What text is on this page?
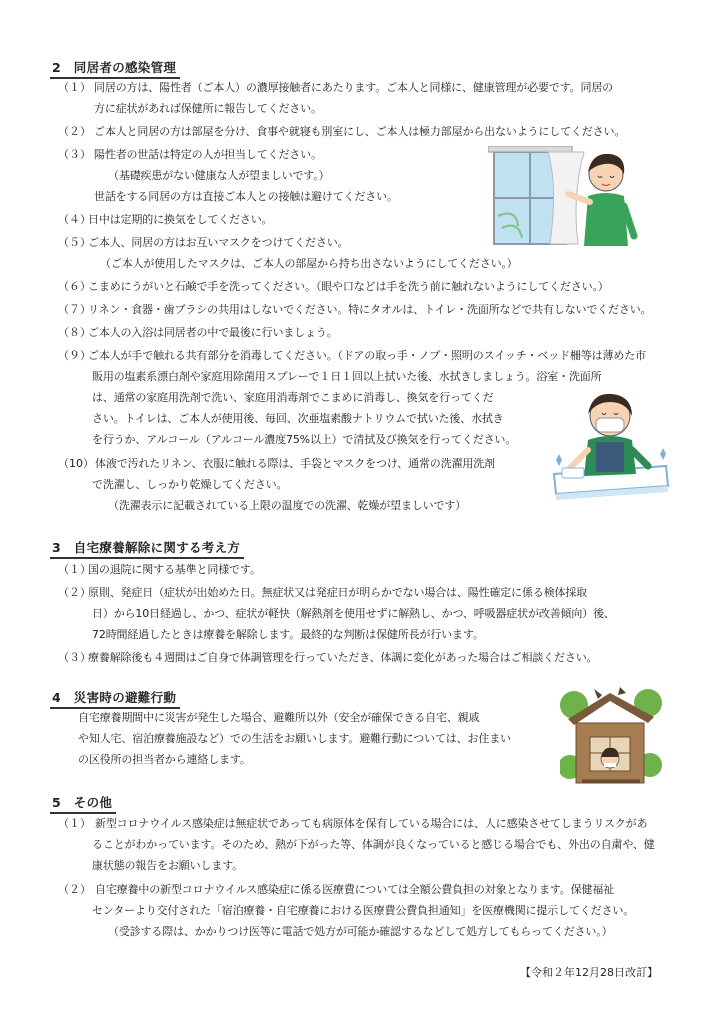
2　同居者の感染管理
（１） 同居の方は、陽性者（ご本人）の濃厚接触者にあたります。ご本人と同様に、健康管理が必要です。同居の
方に症状があれば保健所に報告してください。
（２） ご本人と同居の方は部屋を分け、食事や就寝も別室にし、ご本人は極力部屋から出ないようにしてください。
（３） 陽性者の世話は特定の人が担当してください。
（基礎疾患がない健康な人が望ましいです。）
世話をする同居の方は直接ご本人との接触は避けてください。
（４）
日中は定期的に換気をしてください。
（５）
ご本人、同居の方はお互いマスクをつけてください。
（ご本人が使用したマスクは、ご本人の部屋から持ち出さないようにしてください。）
（６）
こまめにうがいと石鹸で手を洗ってください。（眼や口などは手を洗う前に触れないようにしてください。）
（７）
リネン・食器・歯ブラシの共用はしないでください。特にタオルは、トイレ・洗面所などで共有しないでください。
（８）
ご本人の入浴は同居者の中で最後に行いましょう。
（９）
ご本人が手で触れる共有部分を消毒してください。（ドアの取っ手・ノブ・照明のスイッチ・ベッド柵等は薄めた市
販用の塩素系漂白剤や家庭用除菌用スプレーで１日１回以上拭いた後、水拭きしましょう。浴室・洗面所
は、通常の家庭用洗剤で洗い、家庭用消毒剤でこまめに消毒し、換気を行ってくだ
さい。トイレは、ご本人が使用後、毎回、次亜塩素酸ナトリウムで拭いた後、水拭き
を行うか、アルコール（アルコール濃度75%以上）で清拭及び換気を行ってください。
（10） 体液で汚れたリネン、衣服に触れる際は、手袋とマスクをつけ、通常の洗濯用洗剤
で洗濯し、しっかり乾燥してください。
（洗濯表示に記載されている上限の温度での洗濯、乾燥が望ましいです）
3　自宅療養解除に関する考え方
（１）
国の退院に関する基準と同様です。
（２）
原則、発症日（症状が出始めた日。無症状又は発症日が明らかでない場合は、陽性確定に係る検体採取
日）から10日経過し、かつ、症状が軽快（解熱剤を使用せずに解熱し、かつ、呼吸器症状が改善傾向）後、
72時間経過したときは療養を解除します。最終的な判断は保健所長が行います。
（３）
療養解除後も４週間はご自身で体調管理を行っていただき、体調に変化があった場合はご相談ください。
4　災害時の避難行動
自宅療養期間中に災害が発生した場合、避難所以外（安全が確保できる自宅、親戚
や知人宅、宿泊療養施設など）での生活をお願いします。避難行動については、お住まい
の区役所の担当者から連絡します。
5　その他
（１） 新型コロナウイルス感染症は無症状であっても病原体を保有している場合には、人に感染させてしまうリスクがあ
ることがわかっています。そのため、熱が下がった等、体調が良くなっていると感じる場合でも、外出の自粛や、健
康状態の報告をお願いします。
（２） 自宅療養中の新型コロナウイルス感染症に係る医療費については全額公費負担の対象となります。保健福祉
センターより交付された「宿泊療養・自宅療養における医療費公費負担通知」を医療機関に提示してください。
（受診する際は、かかりつけ医等に電話で処方が可能か確認するなどして処方してもらってください。）
【令和２年12月28日改訂】
